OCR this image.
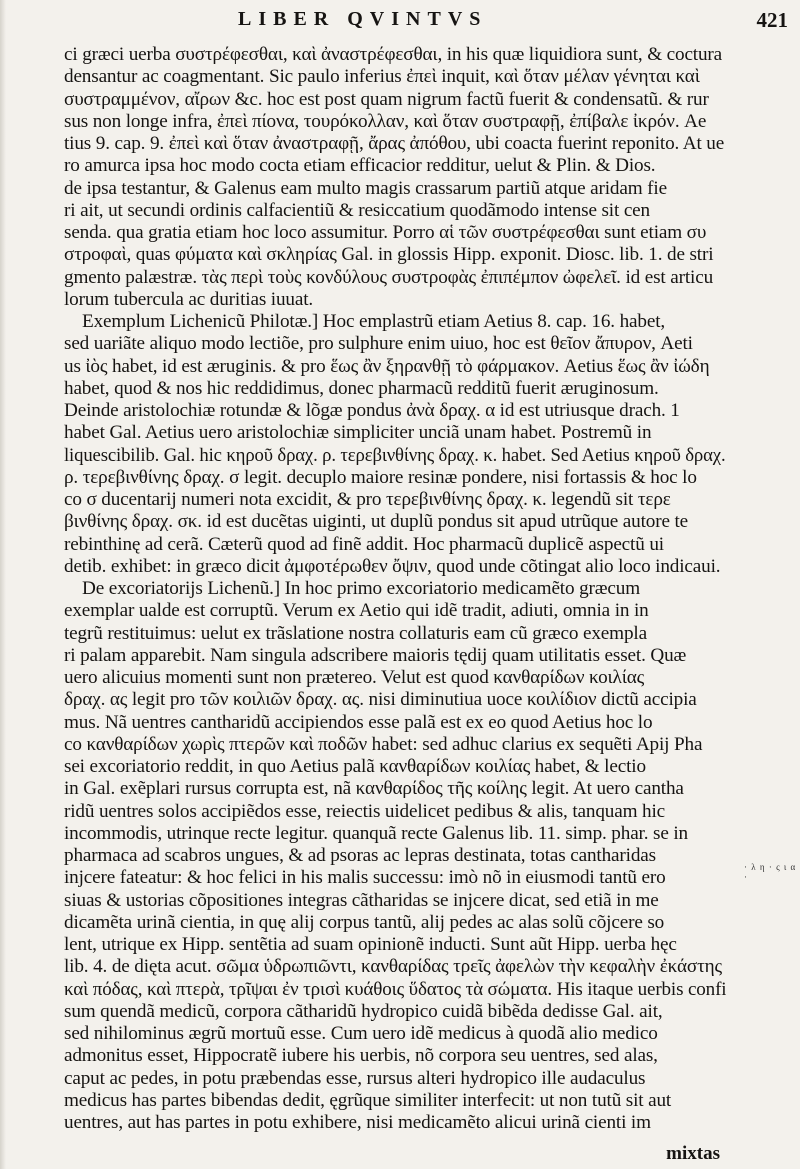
LIBER QVINTVS	421
ci græci uerba συστρέφεσθαι, καὶ ἀναστρέφεσθαι, in his quæ liquidiora sunt, & coctura
densantur ac coagmentant. Sic paulo inferius ἐπεὶ inquit, καὶ ὅταν μέλαν γένηται καὶ
συστραμμένον, αἴρων &c. hoc est post quam nigrum factũ fuerit & condensatũ. & rur
sus non longe infra, ἐπεὶ πίονα, τουρόκολλαν, καὶ ὅταν συστραφῇ, ἐπίβαλε ἰκρόν. Ae
tius 9. cap. 9. ἐπεὶ καὶ ὅταν ἀναστραφῇ, ἄρας ἀπόθου, ubi coacta fuerint reponito. At ue
ro amurca ipsa hoc modo cocta etiam efficacior redditur, uelut & Plin. & Dios.
de ipsa testantur, & Galenus eam multo magis crassarum partiũ atque aridam fie
ri ait, ut secundi ordinis calfacientiũ & resiccatium quodãmodo intense sit cen
senda. qua gratia etiam hoc loco assumitur. Porro αἱ τῶν συστρέφεσθαι sunt etiam συ
στροφαὶ, quas φύματα καὶ σκληρίας Gal. in glossis Hipp. exponit. Diosc. lib. 1. de stri
gmento palæstræ. τὰς περὶ τοὺς κονδύλους συστροφὰς ἐπιπέμπον ὠφελεῖ. id est articu
lorum tubercula ac duritias iuuat.
Exemplum Lichenicũ Philotæ.] Hoc emplastrũ etiam Aetius 8. cap. 16. habet,
sed uariãte aliquo modo lectiõe, pro sulphure enim uiuo, hoc est θεῖον ἄπυρον, Aeti
us ἰὸς habet, id est æruginis. & pro ἕως ἂν ξηρανθῇ τὸ φάρμακον. Aetius ἕως ἂν ἰώδη
habet, quod & nos hic reddidimus, donec pharmacũ redditũ fuerit æruginosum.
Deinde aristolochiæ rotundæ & lõgæ pondus ἀνὰ δραχ. α id est utriusque drach. 1
habet Gal. Aetius uero aristolochiæ simpliciter unciã unam habet. Postremũ in
liquescibilib. Gal. hic κηροῦ δραχ. ρ. τερεβινθίνης δραχ. κ. habet. Sed Aetius κηροῦ δραχ.
ρ. τερεβινθίνης δραχ. σ legit. decuplo maiore resinæ pondere, nisi fortassis & hoc lo
co σ ducentarij numeri nota excidit, & pro τερεβινθίνης δραχ. κ. legendũ sit τερε
βινθίνης δραχ. σκ. id est ducẽtas uiginti, ut duplũ pondus sit apud utrũque autore te
rebinthinę ad cerã. Cæterũ quod ad finẽ addit. Hoc pharmacũ duplicẽ aspectũ ui
detib. exhibet: in græco dicit ἀμφοτέρωθεν ὄψιν, quod unde cõtingat alio loco indicaui.
De excoriatorijs Lichenũ.] In hoc primo excoriatorio medicamẽto græcum
exemplar ualde est corruptũ. Verum ex Aetio qui idẽ tradit, adiuti, omnia in in
tegrũ restituimus: uelut ex trãslatione nostra collaturis eam cũ græco exempla
ri palam apparebit. Nam singula adscribere maioris tędij quam utilitatis esset. Quæ
uero alicuius momenti sunt non prætereo. Velut est quod κανθαρίδων κοιλίας
δραχ. ας legit pro τῶν κοιλιῶν δραχ. ας. nisi diminutiua uoce κοιλίδιον dictũ accipia
mus. Nã uentres cantharidũ accipiendos esse palã est ex eo quod Aetius hoc lo
co κανθαρίδων χωρὶς πτερῶν καὶ ποδῶν habet: sed adhuc clarius ex sequẽti Apij Pha
sei excoriatorio reddit, in quo Aetius palã κανθαρίδων κοιλίας habet, & lectio
in Gal. exẽplari rursus corrupta est, nã κανθαρίδος τῆς κοίλης legit. At uero cantha
ridũ uentres solos accipiẽdos esse, reiectis uidelicet pedibus & alis, tanquam hic
incommodis, utrinque recte legitur. quanquã recte Galenus lib. 11. simp. phar. se in
pharmaca ad scabros ungues, & ad psoras ac lepras destinata, totas cantharidas
injcere fateatur: & hoc felici in his malis successu: imò nõ in eiusmodi tantũ ero
siuas & ustorias cõpositiones integras cãtharidas se injcere dicat, sed etiã in me
dicamẽta urinã cientia, in quę alij corpus tantũ, alij pedes ac alas solũ cõjcere so
lent, utrique ex Hipp. sentẽtia ad suam opinionẽ inducti. Sunt aũt Hipp. uerba hęc
lib. 4. de dięta acut. σῶμα ὑδρωπιῶντι, κανθαρίδας τρεῖς ἀφελὼν τὴν κεφαλὴν ἐκάστης
καὶ πόδας, καὶ πτερὰ, τρῖψαι ἐν τρισὶ κυάθοις ὕδατος τὰ σώματα. His itaque uerbis confi
sum quendã medicũ, corpora cãtharidũ hydropico cuidã bibẽda dedisse Gal. ait,
sed nihilominus ægrũ mortuũ esse. Cum uero idẽ medicus à quodã alio medico
admonitus esset, Hippocratẽ iubere his uerbis, nõ corpora seu uentres, sed alas,
caput ac pedes, in potu præbendas esse, rursus alteri hydropico ille audaculus
medicus has partes bibendas dedit, ęgrũque similiter interfecit: ut non tutũ sit aut
uentres, aut has partes in potu exhibere, nisi medicamẽto alicui urinã cienti im
· λ η · ς ι α ·
mixtas
